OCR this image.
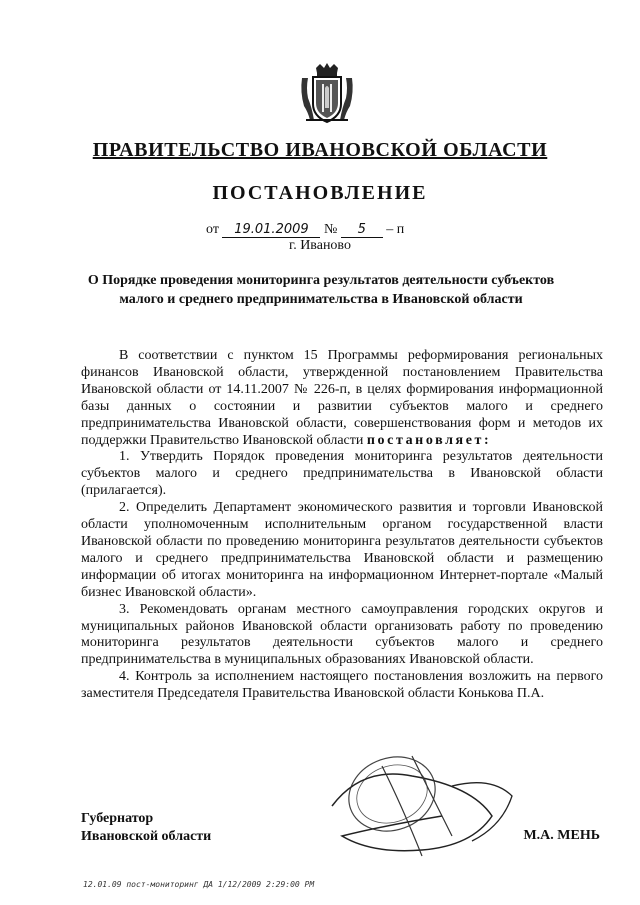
ПРАВИТЕЛЬСТВО ИВАНОВСКОЙ ОБЛАСТИ
ПОСТАНОВЛЕНИЕ
от 19.01.2009 № 5 – п
г. Иваново
О Порядке проведения мониторинга результатов деятельности субъектов малого и среднего предпринимательства в Ивановской области

В соответствии с пунктом 15 Программы реформирования региональных финансов Ивановской области, утвержденной постановлением Правительства Ивановской области от 14.11.2007 № 226-п, в целях формирования информационной базы данных о состоянии и развитии субъектов малого и среднего предпринимательства Ивановской области, совершенствования форм и методов их поддержки Правительство Ивановской области постановляет:

1. Утвердить Порядок проведения мониторинга результатов деятельности субъектов малого и среднего предпринимательства в Ивановской области (прилагается).

2. Определить Департамент экономического развития и торговли Ивановской области уполномоченным исполнительным органом государственной власти Ивановской области по проведению мониторинга результатов деятельности субъектов малого и среднего предпринимательства Ивановской области и размещению информации об итогах мониторинга на информационном Интернет-портале «Малый бизнес Ивановской области».

3. Рекомендовать органам местного самоуправления городских округов и муниципальных районов Ивановской области организовать работу по проведению мониторинга результатов деятельности субъектов малого и среднего предпринимательства в муниципальных образованиях Ивановской области.

4. Контроль за исполнением настоящего постановления возложить на первого заместителя Председателя Правительства Ивановской области Конькова П.А.

Губернатор
Ивановской области	М.А. МЕНЬ
12.01.09 пост-мониторинг ДА 1/12/2009 2:29:00 PM
